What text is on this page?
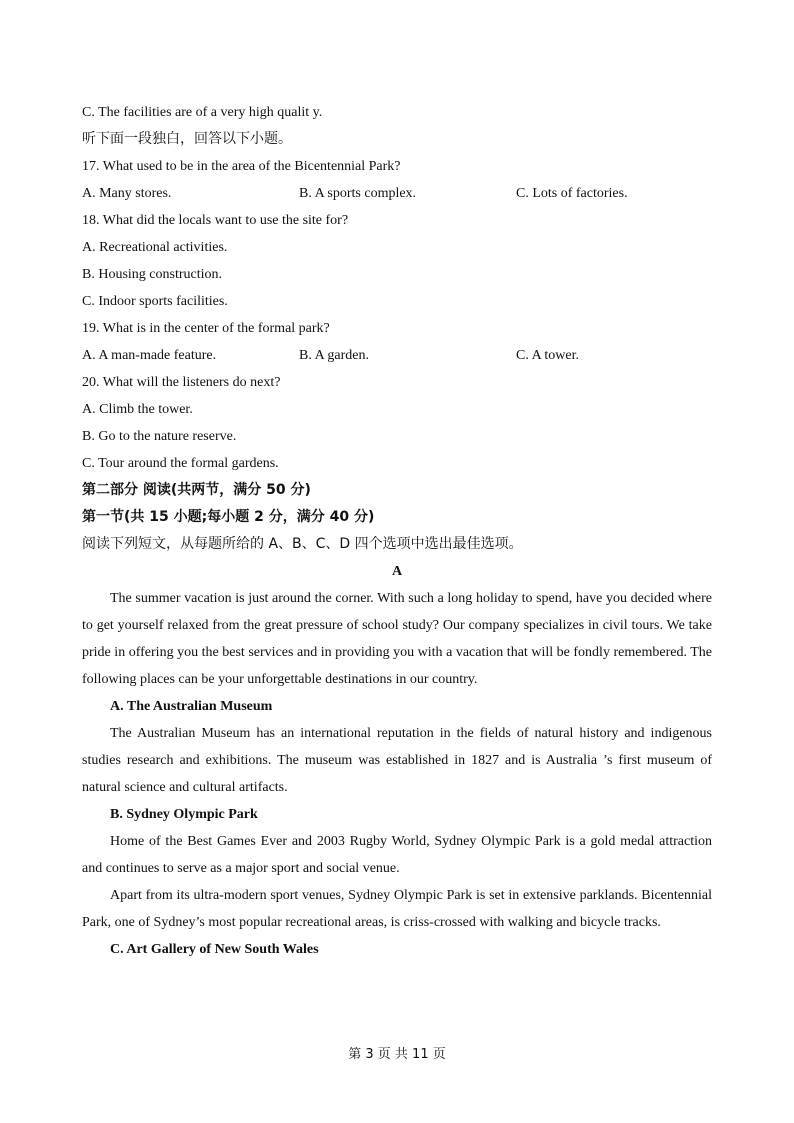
C. The facilities are of a very high qualit y.
听下面一段独白，回答以下小题。
17. What used to be in the area of the Bicentennial Park?
A. Many stores.	B. A sports complex.	C. Lots of factories.
18. What did the locals want to use the site for?
A. Recreational activities.
B. Housing construction.
C. Indoor sports facilities.
19. What is in the center of the formal park?
A. A man-made feature.	B. A garden.	C. A tower.
20. What will the listeners do next?
A. Climb the tower.
B. Go to the nature reserve.
C. Tour around the formal gardens.
第二部分 阅读(共两节，满分 50 分)
第一节(共 15 小题;每小题 2 分，满分 40 分)
阅读下列短文，从每题所给的 A、B、C、D 四个选项中选出最佳选项。
A
The summer vacation is just around the corner. With such a long holiday to spend, have you decided where to get yourself relaxed from the great pressure of school study? Our company specializes in civil tours. We take pride in offering you the best services and in providing you with a vacation that will be fondly remembered. The following places can be your unforgettable destinations in our country.
A. The Australian Museum
The Australian Museum has an international reputation in the fields of natural history and indigenous studies research and exhibitions. The museum was established in 1827 and is Australia ’s first museum of natural science and cultural artifacts.
B. Sydney Olympic Park
Home of the Best Games Ever and 2003 Rugby World, Sydney Olympic Park is a gold medal attraction and continues to serve as a major sport and social venue.
Apart from its ultra-modern sport venues, Sydney Olympic Park is set in extensive parklands. Bicentennial Park, one of Sydney’s most popular recreational areas, is criss-crossed with walking and bicycle tracks.
C. Art Gallery of New South Wales
第 3 页 共 11 页
